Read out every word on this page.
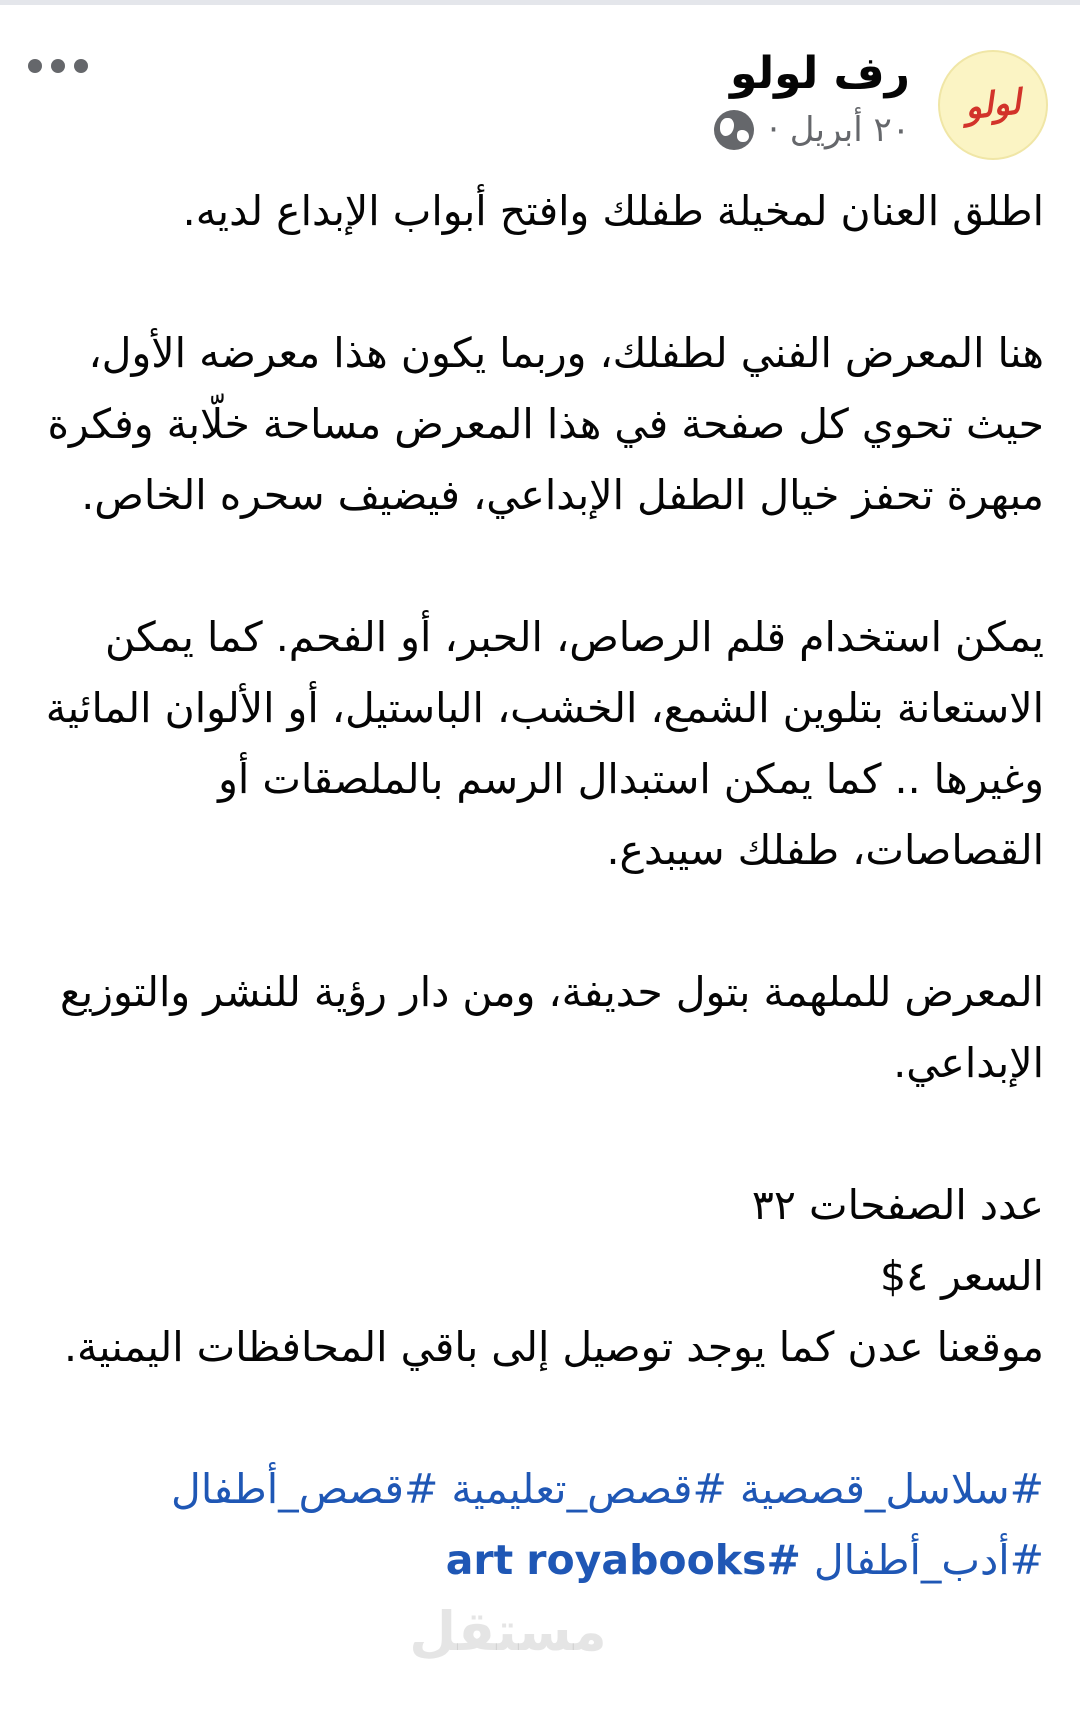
لولو
رف لولو
٢٠ أبريل ·

اطلق العنان لمخيلة طفلك وافتح أبواب الإبداع لديه.

هنا المعرض الفني لطفلك، وربما يكون هذا معرضه الأول، حيث تحوي كل صفحة في هذا المعرض مساحة خلّابة وفكرة مبهرة تحفز خيال الطفل الإبداعي، فيضيف سحره الخاص.

يمكن استخدام قلم الرصاص، الحبر، أو الفحم. كما يمكن الاستعانة بتلوين الشمع، الخشب، الباستيل، أو الألوان المائية وغيرها .. كما يمكن استبدال الرسم بالملصقات أو القصاصات، طفلك سيبدع.

المعرض للملهمة بتول حديفة، ومن دار رؤية للنشر والتوزيع الإبداعي.

عدد الصفحات ٣٢

السعر ٤$

موقعنا عدن كما يوجد توصيل إلى باقي المحافظات اليمنية.

#سلاسل_قصصية #قصص_تعليمية #قصص_أطفال
#أدب_أطفال #art royabooks
مستقل
